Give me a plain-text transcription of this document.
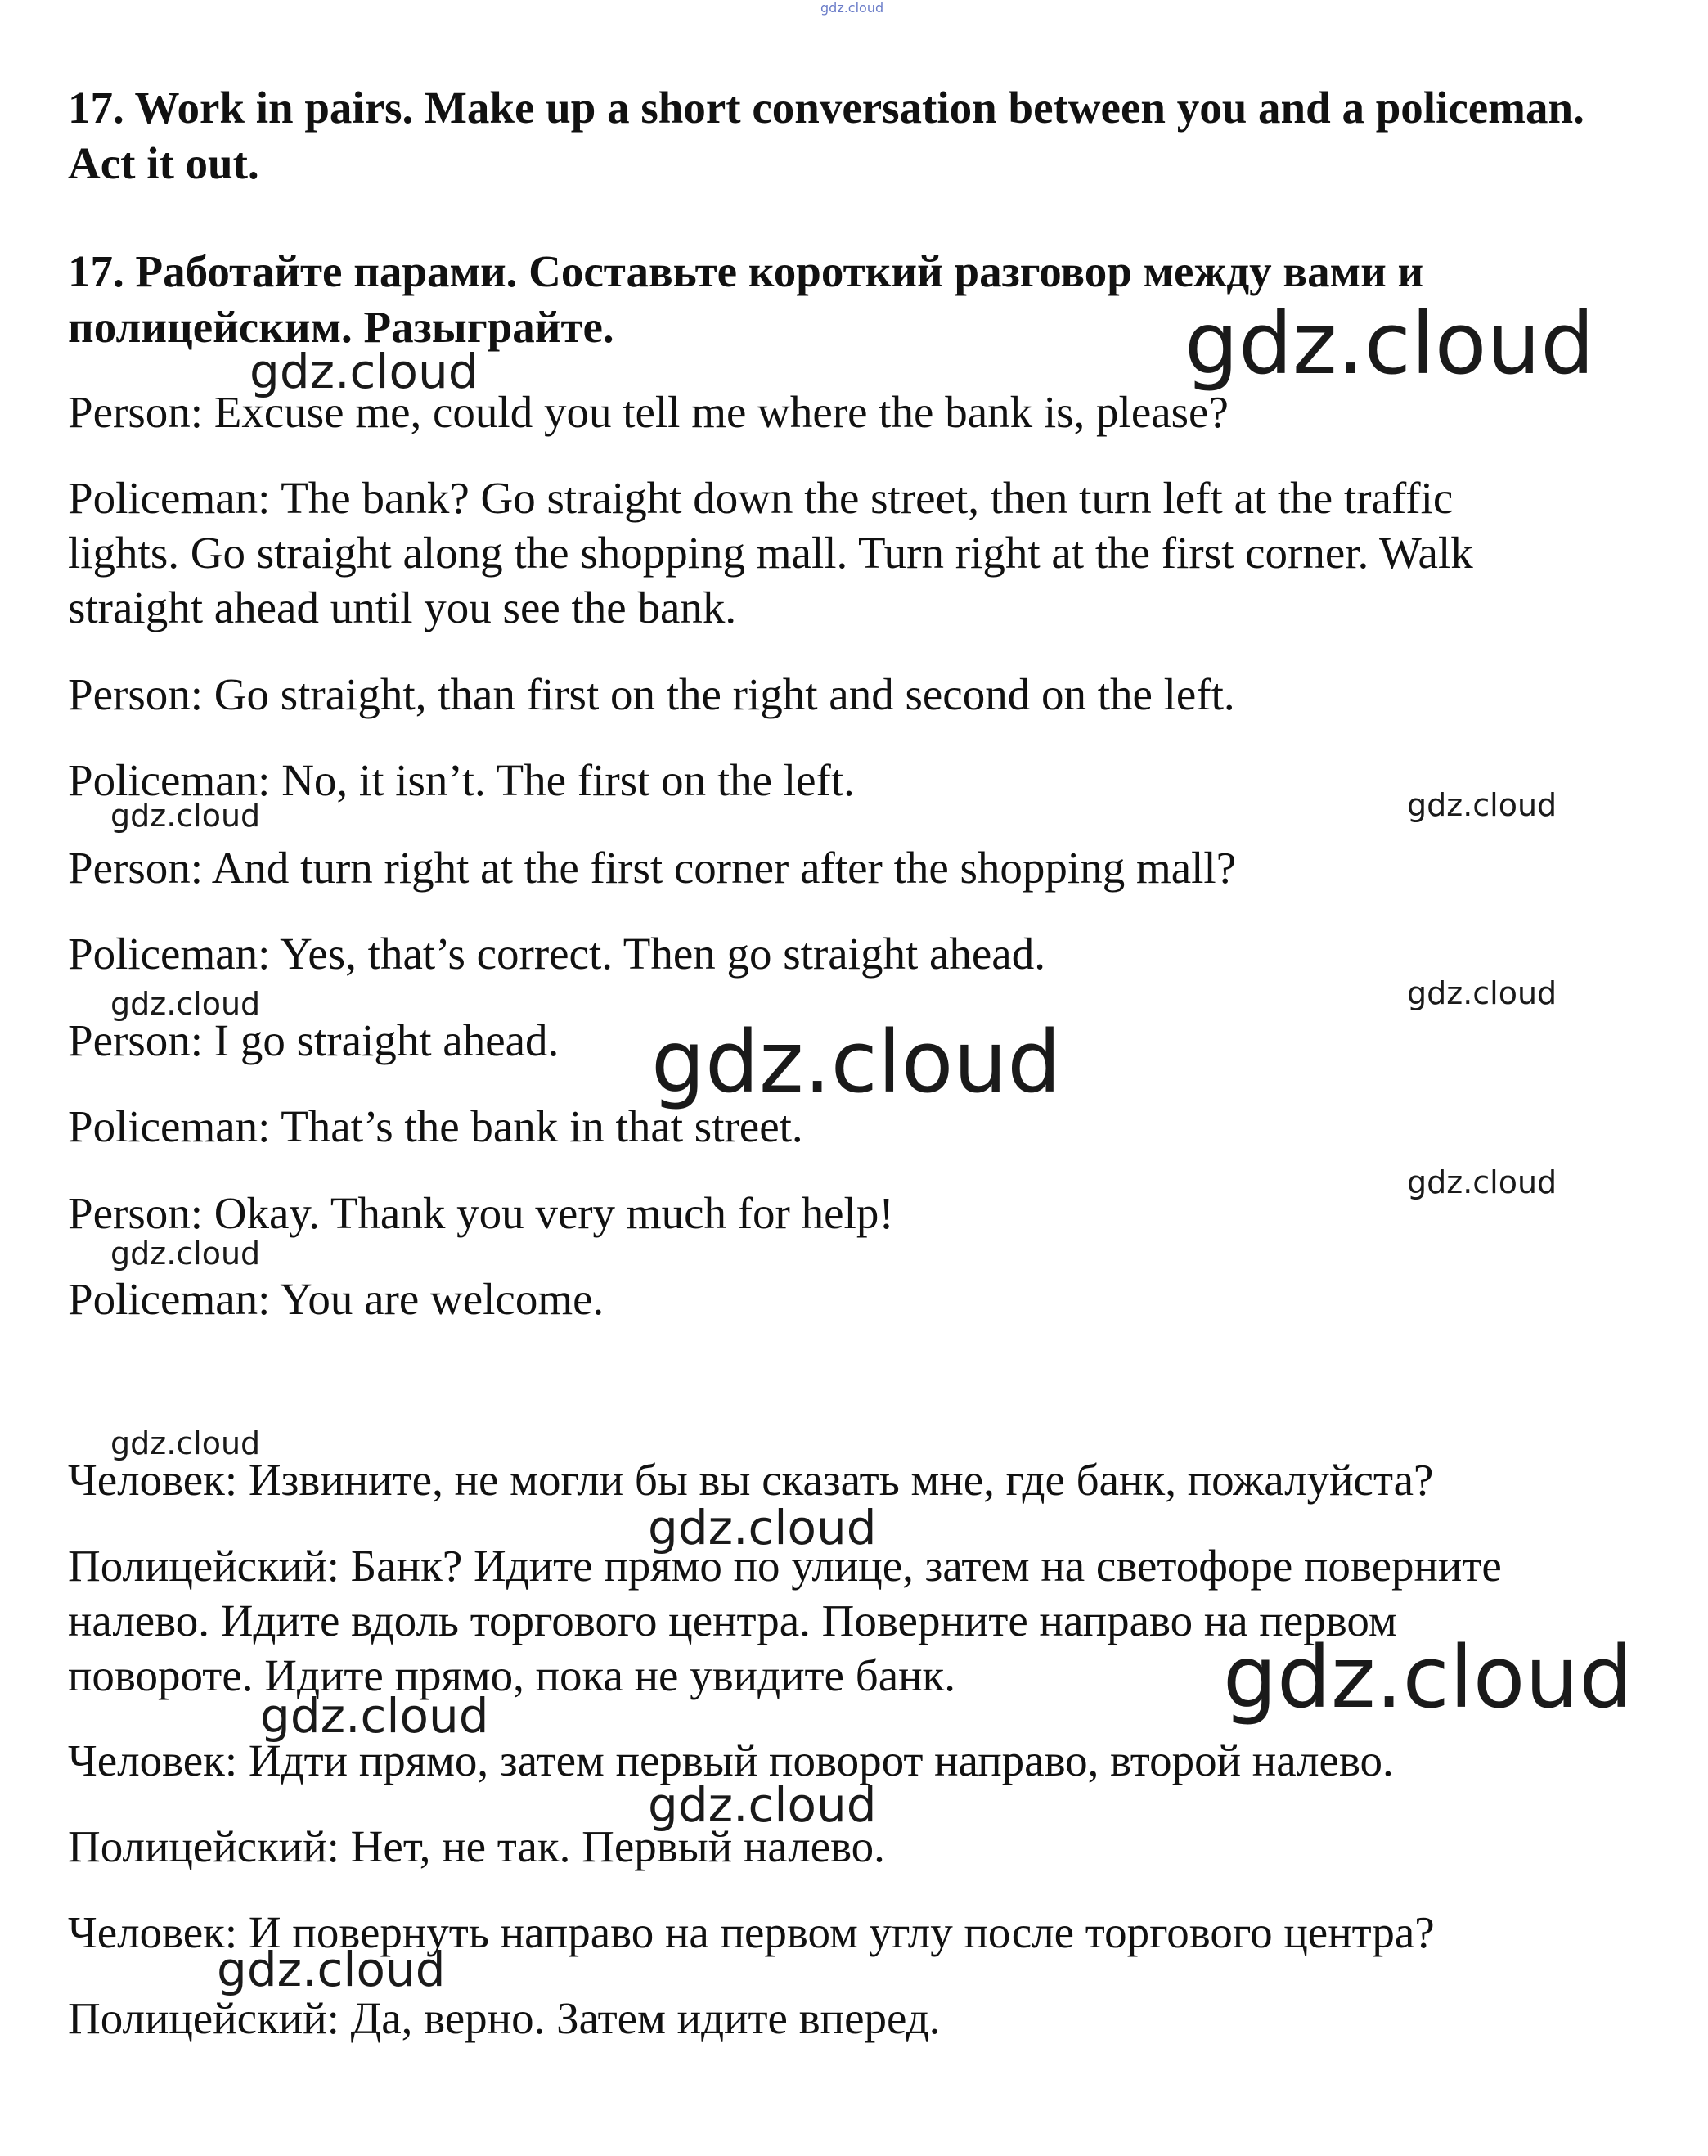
gdz.cloud

17. Work in pairs. Make up a short conversation between you and a policeman. Act it out.

17. Работайте парами. Составьте короткий разговор между вами и полицейским. Разыграйте.

Person: Excuse me, could you tell me where the bank is, please?

Policeman: The bank? Go straight down the street, then turn left at the traffic

lights. Go straight along the shopping mall. Turn right at the first corner. Walk

straight ahead until you see the bank.

Person: Go straight, than first on the right and second on the left.

Policeman: No, it isn’t. The first on the left.

Person: And turn right at the first corner after the shopping mall?

Policeman: Yes, that’s correct. Then go straight ahead.

Person: I go straight ahead.

Policeman: That’s the bank in that street.

Person: Okay. Thank you very much for help!

Policeman: You are welcome.

Человек: Извините, не могли бы вы сказать мне, где банк, пожалуйста?

Полицейский: Банк? Идите прямо по улице, затем на светофоре поверните

налево. Идите вдоль торгового центра. Поверните направо на первом

повороте. Идите прямо, пока не увидите банк.

Человек: Идти прямо, затем первый поворот направо, второй налево.

Полицейский: Нет, не так. Первый налево.

Человек: И повернуть направо на первом углу после торгового центра?

Полицейский: Да, верно. Затем идите вперед.

gdz.cloud
gdz.cloud
gdz.cloud
gdz.cloud
gdz.cloud
gdz.cloud
gdz.cloud
gdz.cloud
gdz.cloud
gdz.cloud
gdz.cloud
gdz.cloud
gdz.cloud
gdz.cloud
gdz.cloud
